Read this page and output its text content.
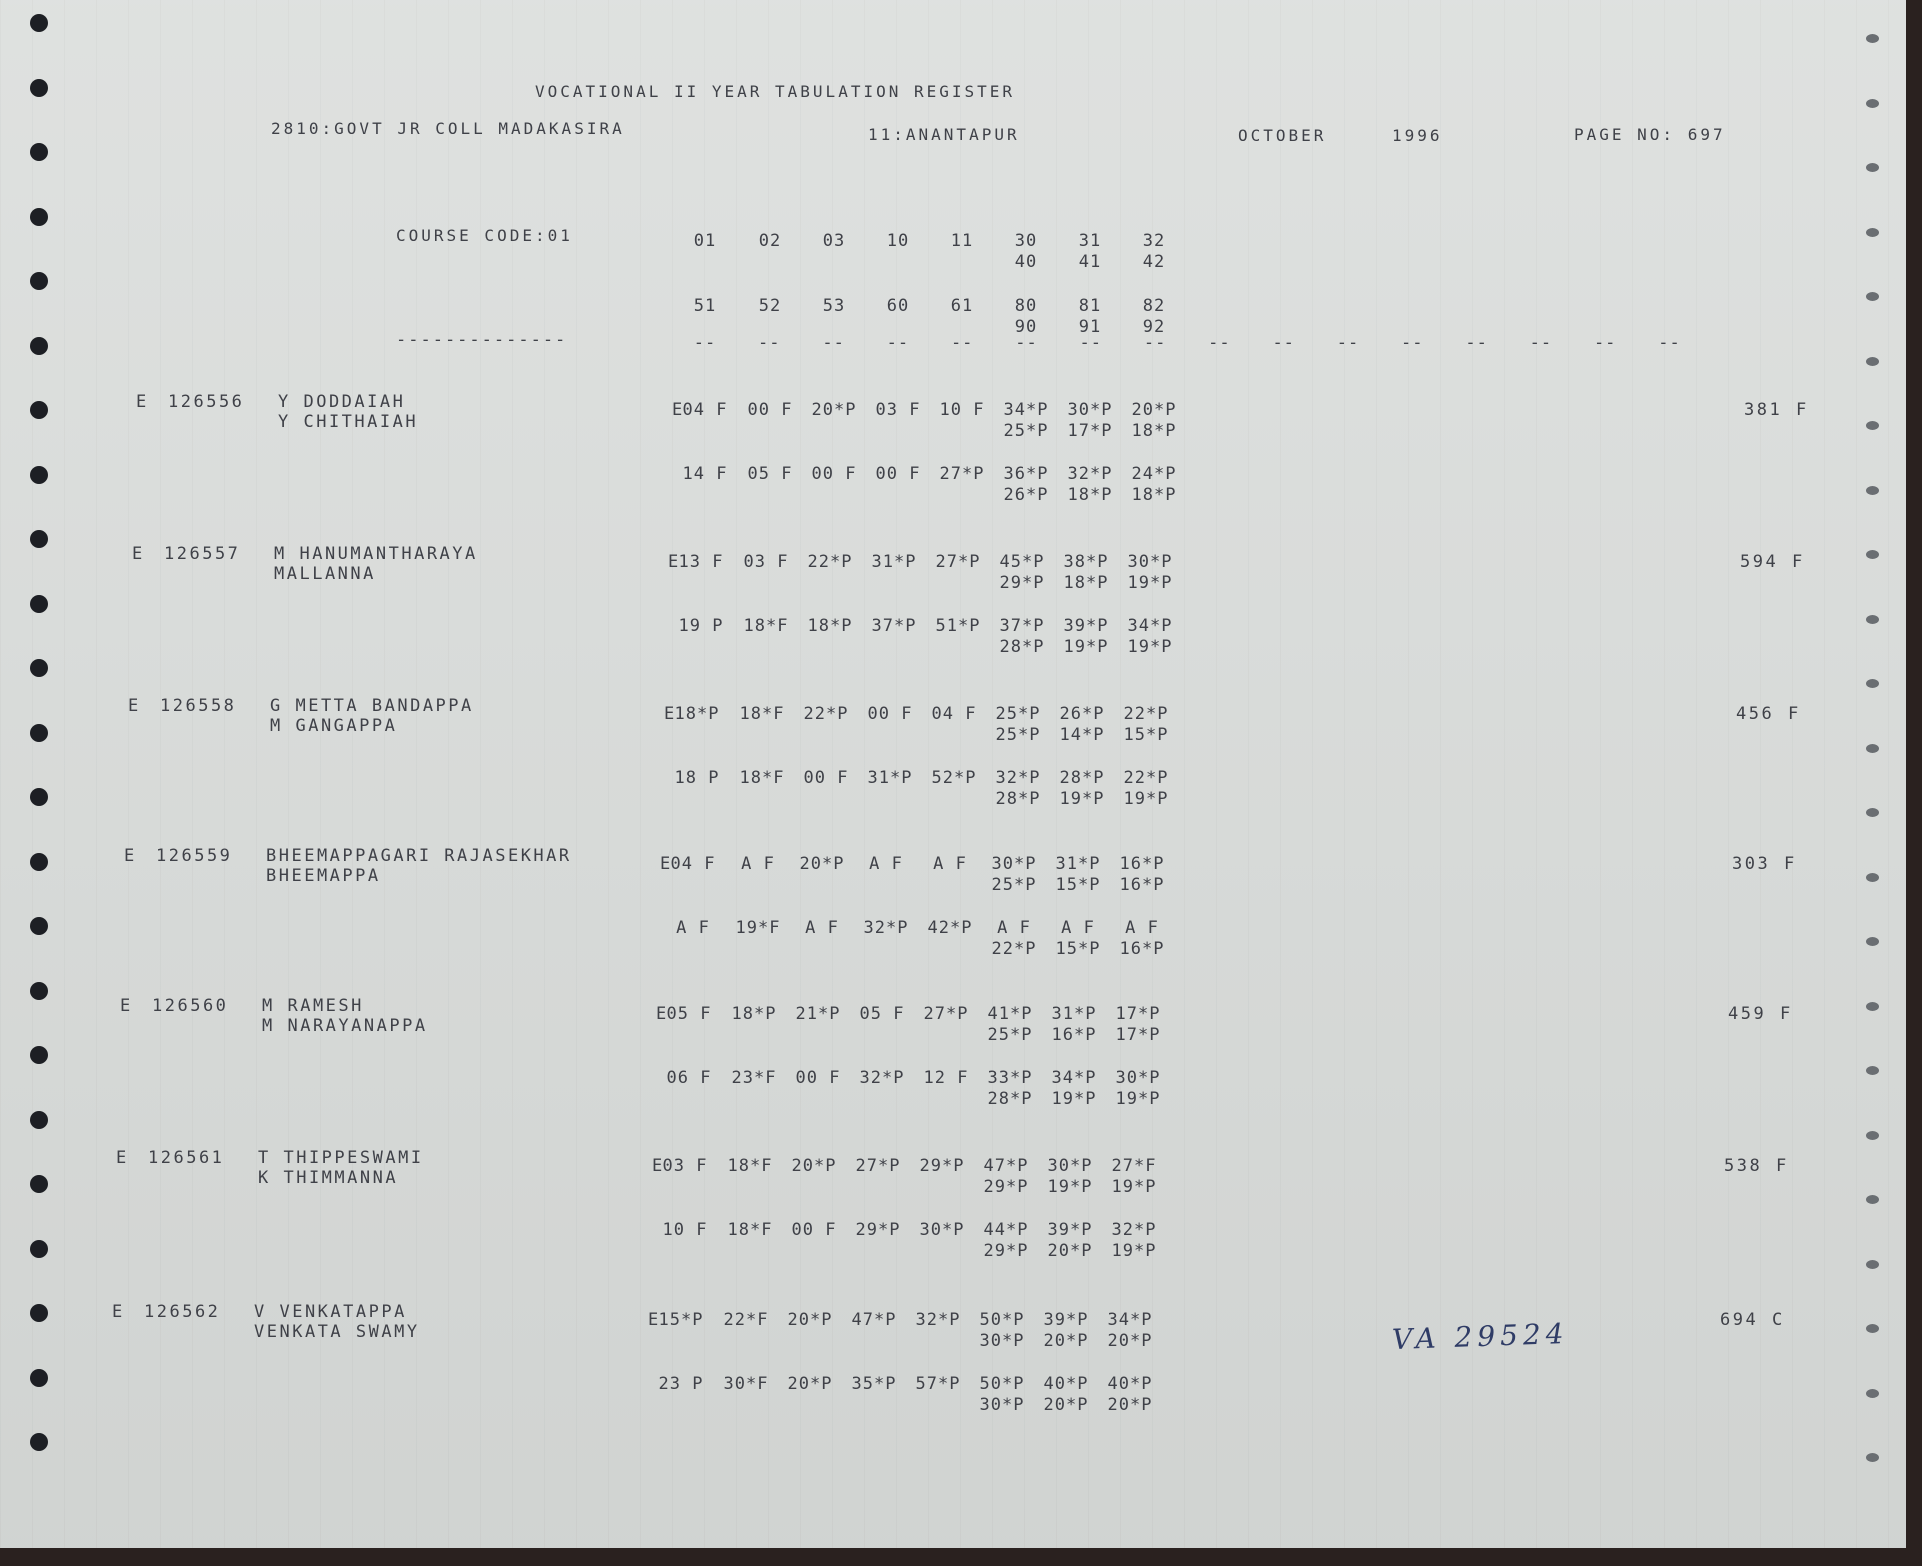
VOCATIONAL II YEAR TABULATION REGISTER
2810:GOVT JR COLL MADAKASIRA	11:ANANTAPUR	OCTOBER	1996	PAGE NO: 697
COURSE CODE:01
--------------
01	02	03	10	11	30	31	32
40	41	42
51	52	53	60	61	80	81	82
90	91	92
--	--	--	--	--	--	--	--	--	--	--	--	--	--	--	--
E 126556 Y DODDAIAH
Y CHITHAIAH
E
04 F	00 F	20*P	03 F	10 F	34*P	30*P	20*P
25*P	17*P	18*P
14 F	05 F	00 F	00 F	27*P	36*P	32*P	24*P
26*P	18*P	18*P
381 F
E 126557 M HANUMANTHARAYA
MALLANNA
E
13 F	03 F	22*P	31*P	27*P	45*P	38*P	30*P
29*P	18*P	19*P
19 P	18*F	18*P	37*P	51*P	37*P	39*P	34*P
28*P	19*P	19*P
594 F
E 126558 G METTA BANDAPPA
M GANGAPPA
E
18*P	18*F	22*P	00 F	04 F	25*P	26*P	22*P
25*P	14*P	15*P
18 P	18*F	00 F	31*P	52*P	32*P	28*P	22*P
28*P	19*P	19*P
456 F
E 126559 BHEEMAPPAGARI RAJASEKHAR
BHEEMAPPA
E
04 F	A F	20*P	A F	A F	30*P	31*P	16*P
25*P	15*P	16*P
A F	19*F	A F	32*P	42*P	A F	A F	A F
22*P	15*P	16*P
303 F
E 126560 M RAMESH
M NARAYANAPPA
E
05 F	18*P	21*P	05 F	27*P	41*P	31*P	17*P
25*P	16*P	17*P
06 F	23*F	00 F	32*P	12 F	33*P	34*P	30*P
28*P	19*P	19*P
459 F
E 126561 T THIPPESWAMI
K THIMMANNA
E
03 F	18*F	20*P	27*P	29*P	47*P	30*P	27*F
29*P	19*P	19*P
10 F	18*F	00 F	29*P	30*P	44*P	39*P	32*P
29*P	20*P	19*P
538 F
E 126562 V VENKATAPPA
VENKATA SWAMY
E
15*P	22*F	20*P	47*P	32*P	50*P	39*P	34*P
30*P	20*P	20*P
23 P	30*F	20*P	35*P	57*P	50*P	40*P	40*P
30*P	20*P	20*P
694 C
VA 29524
